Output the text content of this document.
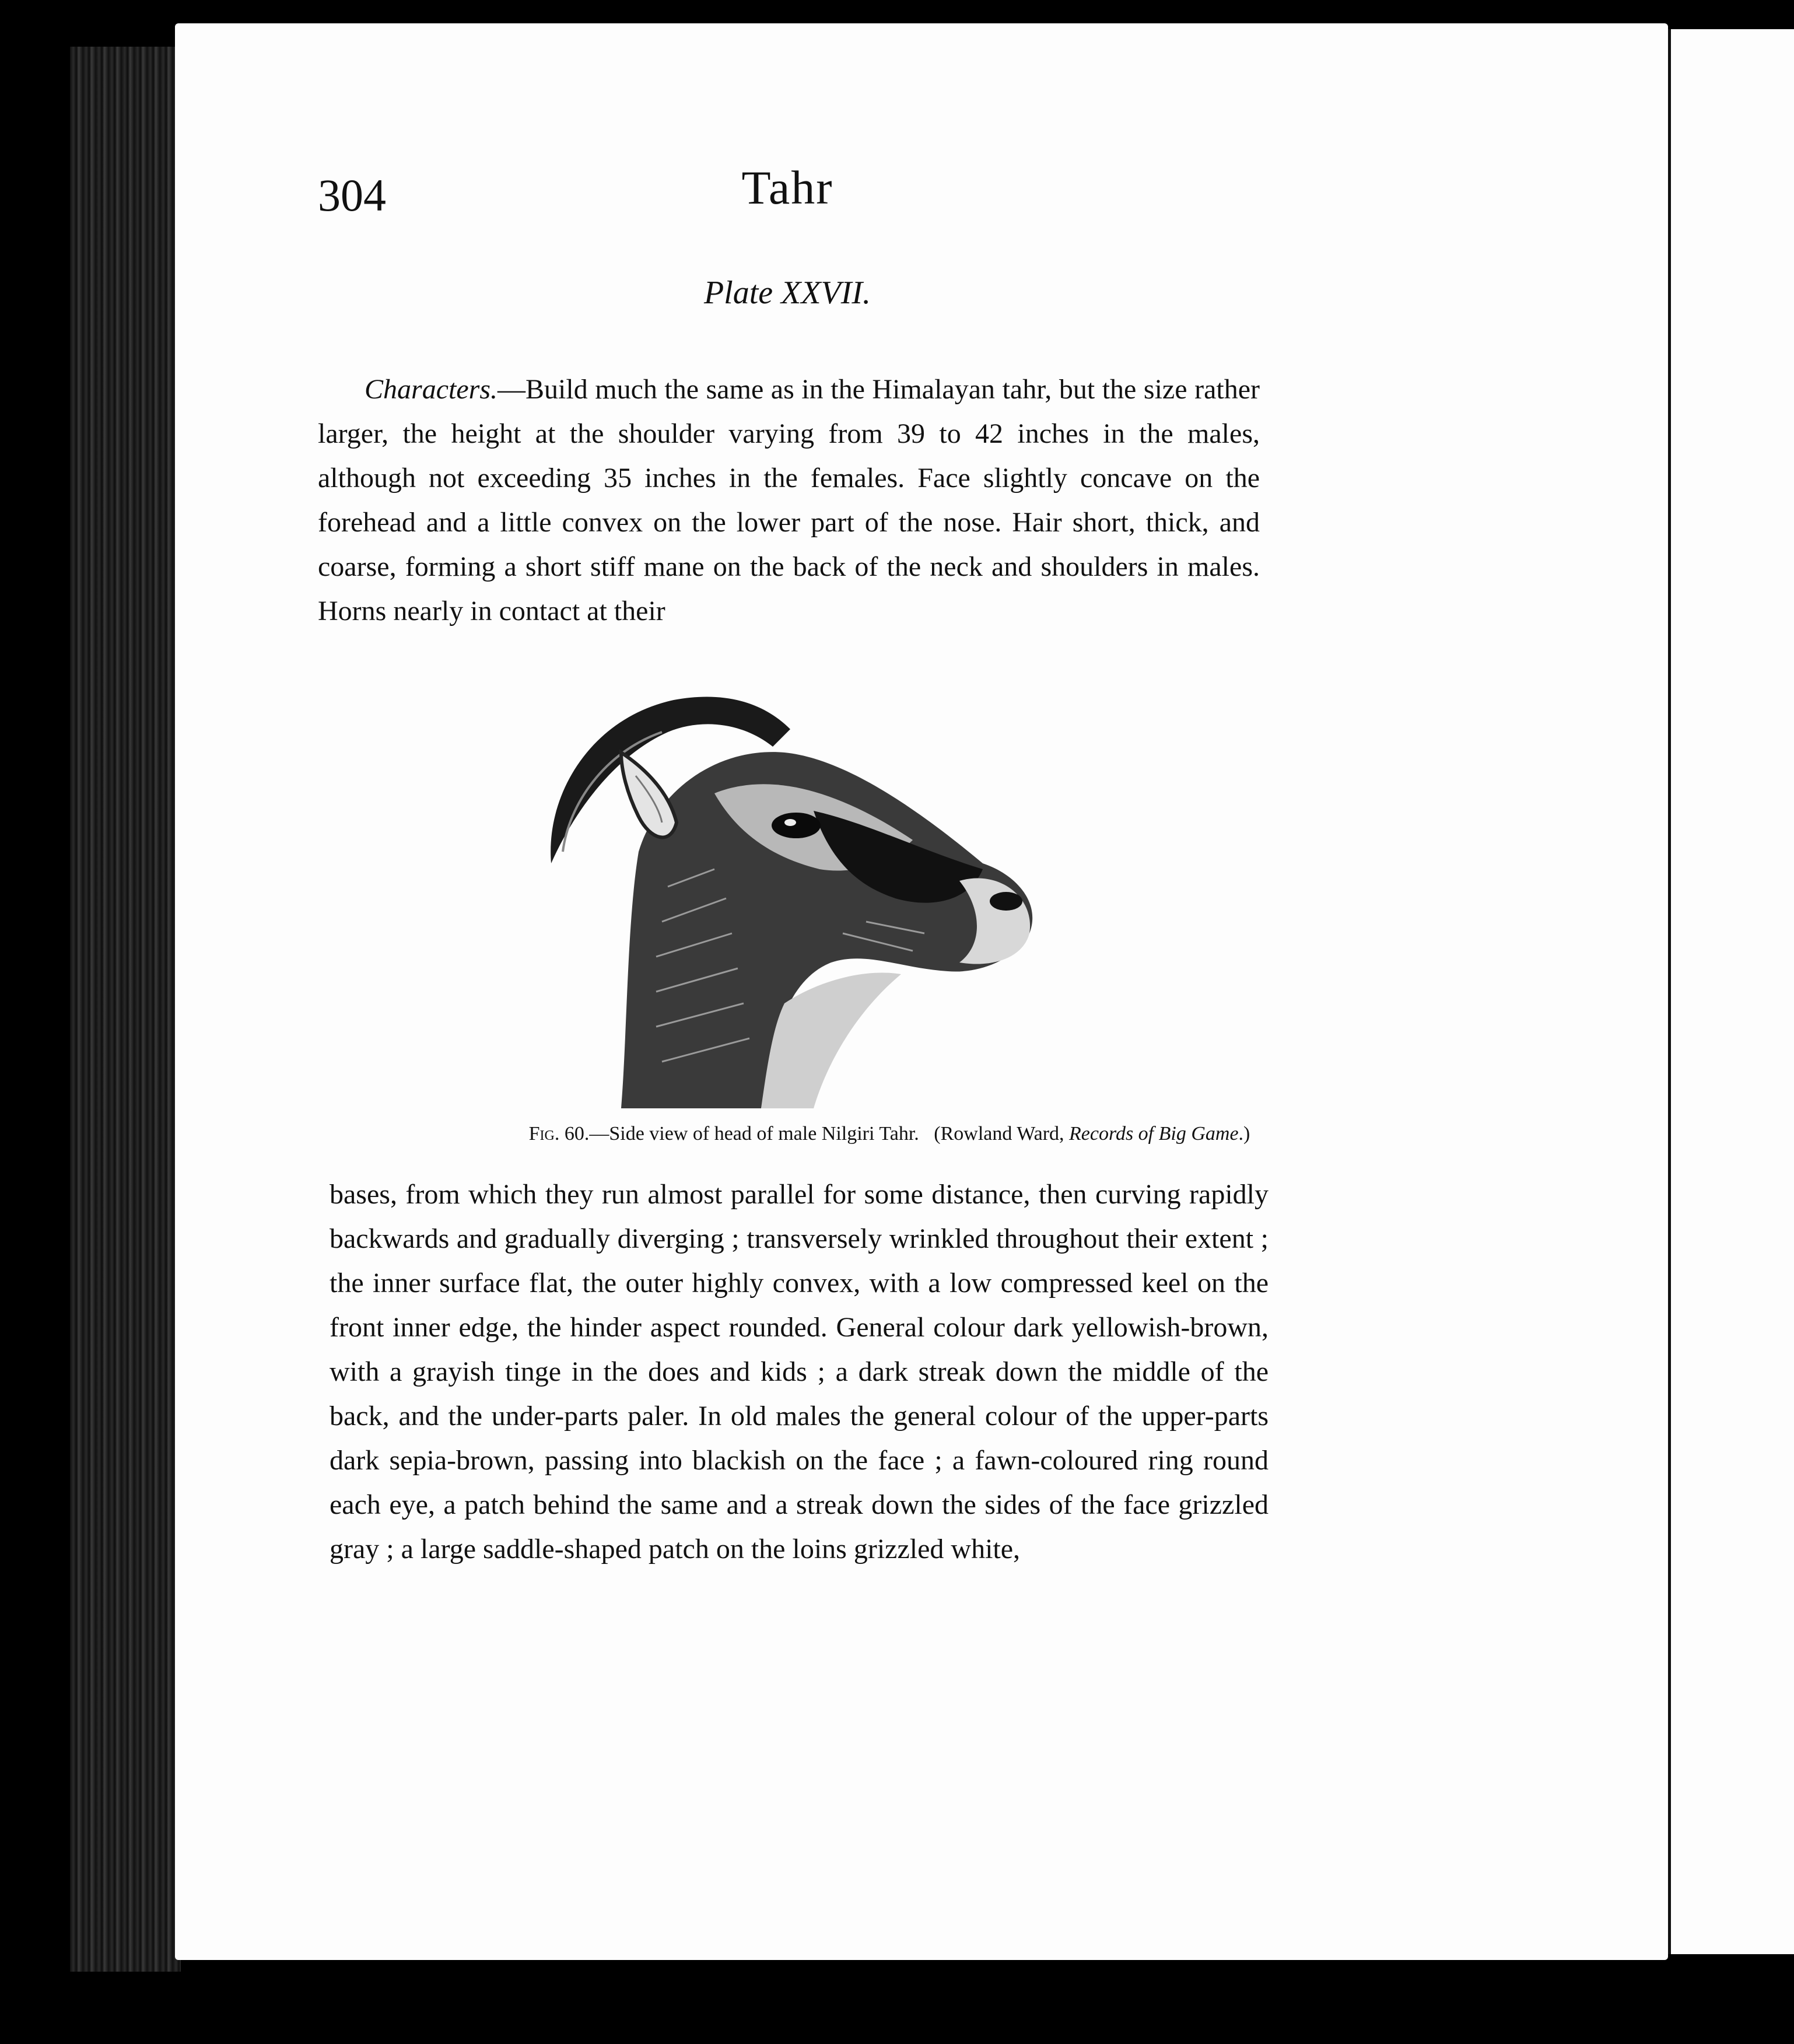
304	Tahr
Plate XXVII.

Characters.—Build much the same as in the Himalayan tahr, but the size rather larger, the height at the shoulder varying from 39 to 42 inches in the males, although not exceeding 35 inches in the females. Face slightly concave on the forehead and a little convex on the lower part of the nose. Hair short, thick, and coarse, forming a short stiff mane on the back of the neck and shoulders in males. Horns nearly in contact at their

Fig. 60.—Side view of head of male Nilgiri Tahr. (Rowland Ward, Records of Big Game.)

bases, from which they run almost parallel for some distance, then curving rapidly backwards and gradually diverging ; transversely wrinkled throughout their extent ; the inner surface flat, the outer highly convex, with a low compressed keel on the front inner edge, the hinder aspect rounded. General colour dark yellowish-brown, with a grayish tinge in the does and kids ; a dark streak down the middle of the back, and the under-parts paler. In old males the general colour of the upper-parts dark sepia-brown, passing into blackish on the face ; a fawn-coloured ring round each eye, a patch behind the same and a streak down the sides of the face grizzled gray ; a large saddle-shaped patch on the loins grizzled white,
